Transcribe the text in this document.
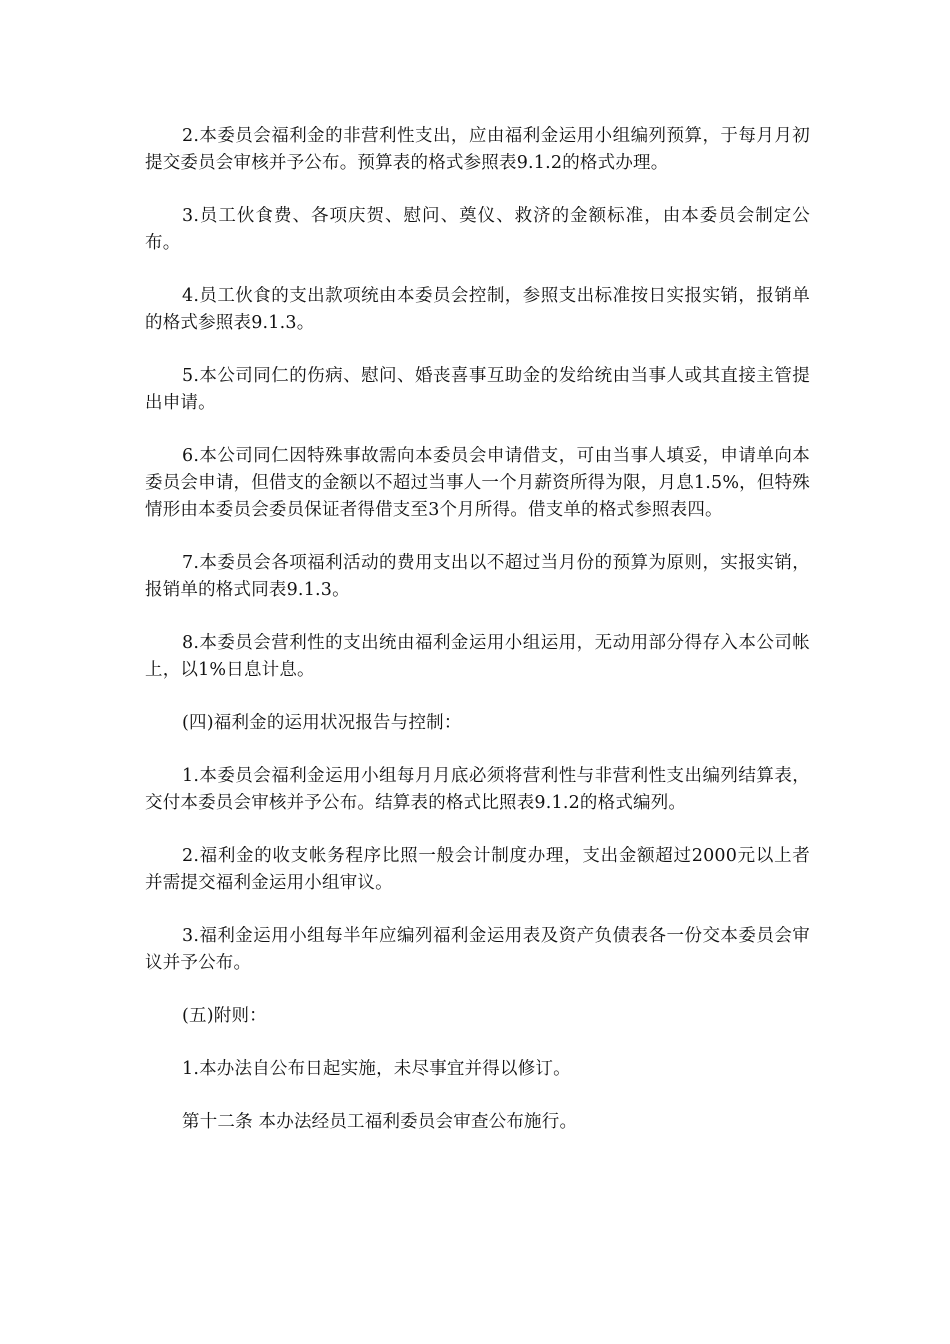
2.本委员会福利金的非营利性支出，应由福利金运用小组编列预算，于每月月初提交委员会审核并予公布。预算表的格式参照表9.1.2的格式办理。

3.员工伙食费、各项庆贺、慰问、奠仪、救济的金额标准，由本委员会制定公布。

4.员工伙食的支出款项统由本委员会控制，参照支出标准按日实报实销，报销单的格式参照表9.1.3。

5.本公司同仁的伤病、慰问、婚丧喜事互助金的发给统由当事人或其直接主管提出申请。

6.本公司同仁因特殊事故需向本委员会申请借支，可由当事人填妥，申请单向本委员会申请，但借支的金额以不超过当事人一个月薪资所得为限，月息1.5%，但特殊情形由本委员会委员保证者得借支至3个月所得。借支单的格式参照表四。

7.本委员会各项福利活动的费用支出以不超过当月份的预算为原则，实报实销，报销单的格式同表9.1.3。

8.本委员会营利性的支出统由福利金运用小组运用，无动用部分得存入本公司帐上，以1%日息计息。

(四)福利金的运用状况报告与控制：

1.本委员会福利金运用小组每月月底必须将营利性与非营利性支出编列结算表，交付本委员会审核并予公布。结算表的格式比照表9.1.2的格式编列。

2.福利金的收支帐务程序比照一般会计制度办理，支出金额超过2000元以上者并需提交福利金运用小组审议。

3.福利金运用小组每半年应编列福利金运用表及资产负债表各一份交本委员会审议并予公布。

(五)附则：

1.本办法自公布日起实施，未尽事宜并得以修订。

第十二条 本办法经员工福利委员会审查公布施行。
